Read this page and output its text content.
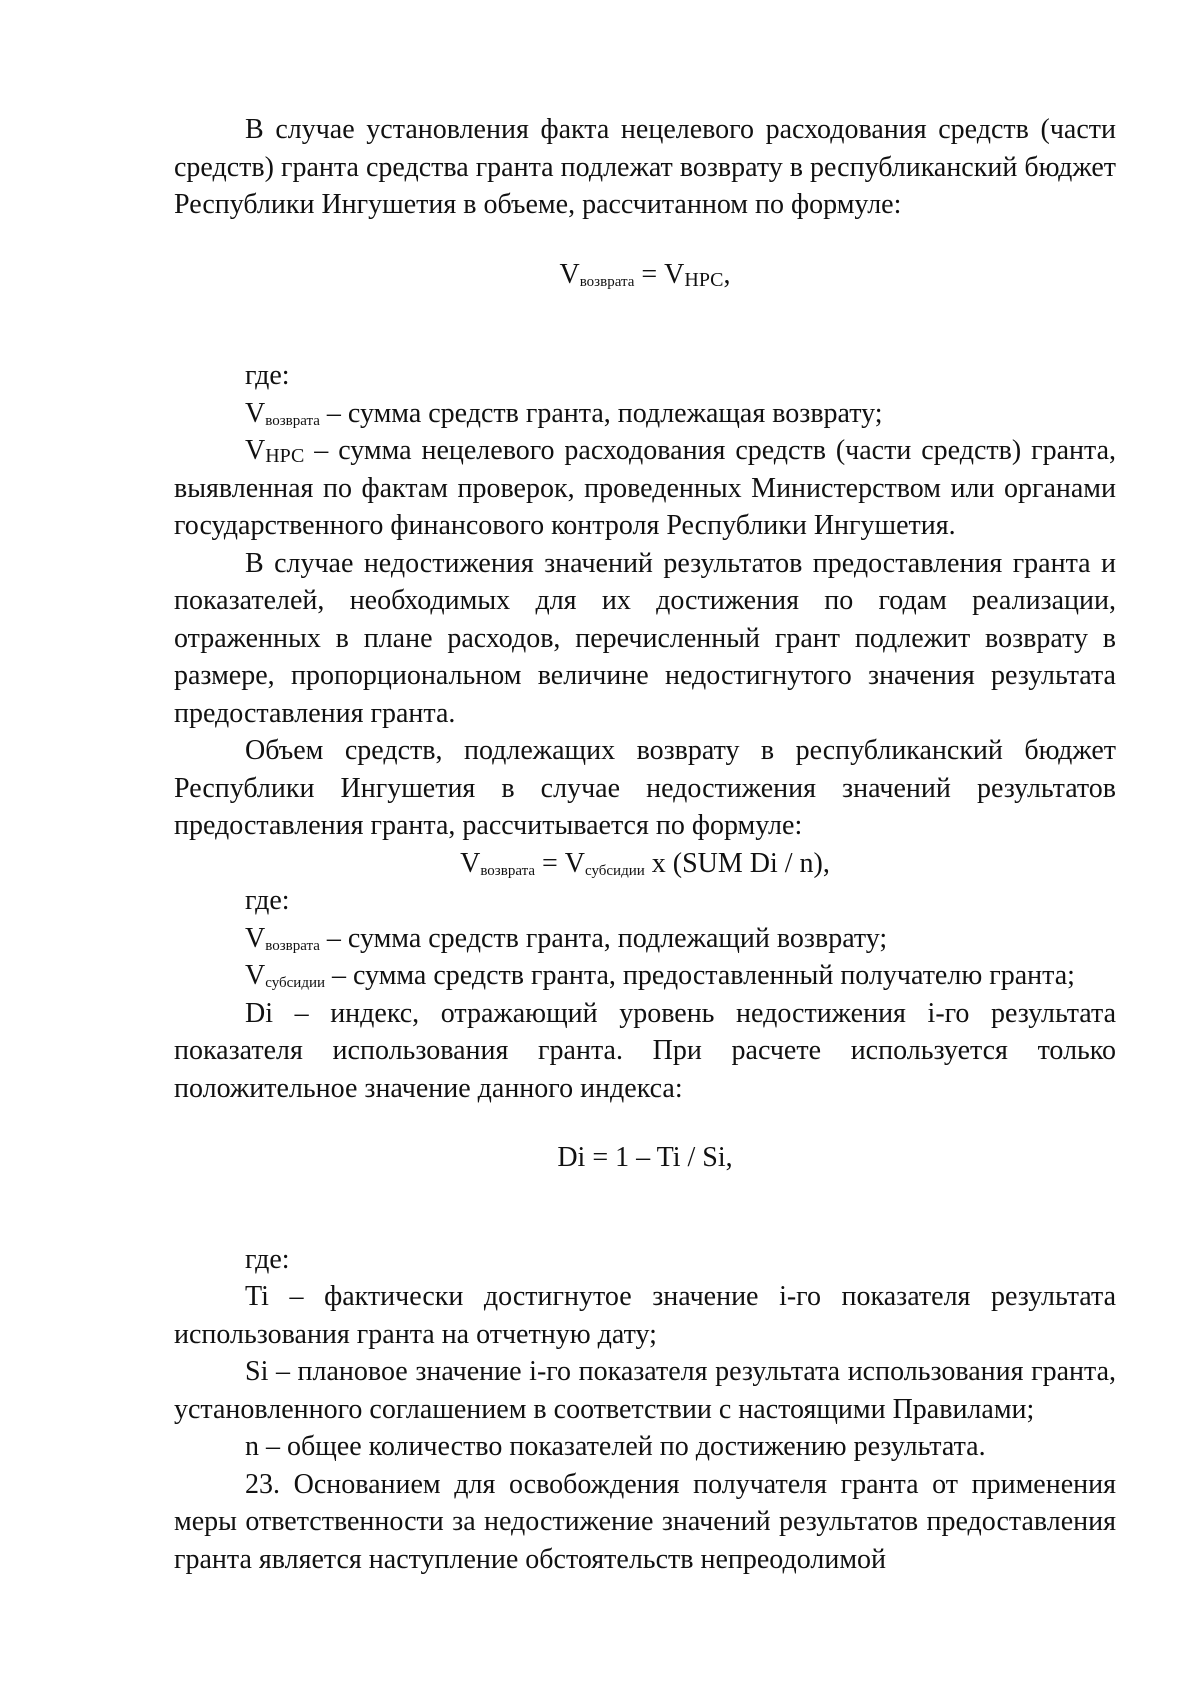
В случае установления факта нецелевого расходования средств (части средств) гранта средства гранта подлежат возврату в республиканский бюджет Республики Ингушетия в объеме, рассчитанном по формуле:

Vвозврата = VНРС,

где:

Vвозврата – сумма средств гранта, подлежащая возврату;

VНРС – сумма нецелевого расходования средств (части средств) гранта, выявленная по фактам проверок, проведенных Министерством или органами государственного финансового контроля Республики Ингушетия.

В случае недостижения значений результатов предоставления гранта и показателей, необходимых для их достижения по годам реализации, отраженных в плане расходов, перечисленный грант подлежит возврату в размере, пропорциональном величине недостигнутого значения результата предоставления гранта.

Объем средств, подлежащих возврату в республиканский бюджет Республики Ингушетия в случае недостижения значений результатов предоставления гранта, рассчитывается по формуле:

Vвозврата = Vсубсидии x (SUM Di / n),

где:

Vвозврата – сумма средств гранта, подлежащий возврату;

Vсубсидии – сумма средств гранта, предоставленный получателю гранта;

Di – индекс, отражающий уровень недостижения i-го результата показателя использования гранта. При расчете используется только положительное значение данного индекса:

Di = 1 – Ti / Si,

где:

Ti – фактически достигнутое значение i-го показателя результата использования гранта на отчетную дату;

Si – плановое значение i-го показателя результата использования гранта, установленного соглашением в соответствии с настоящими Правилами;

n – общее количество показателей по достижению результата.

23. Основанием для освобождения получателя гранта от применения меры ответственности за недостижение значений результатов предоставления гранта является наступление обстоятельств непреодолимой
